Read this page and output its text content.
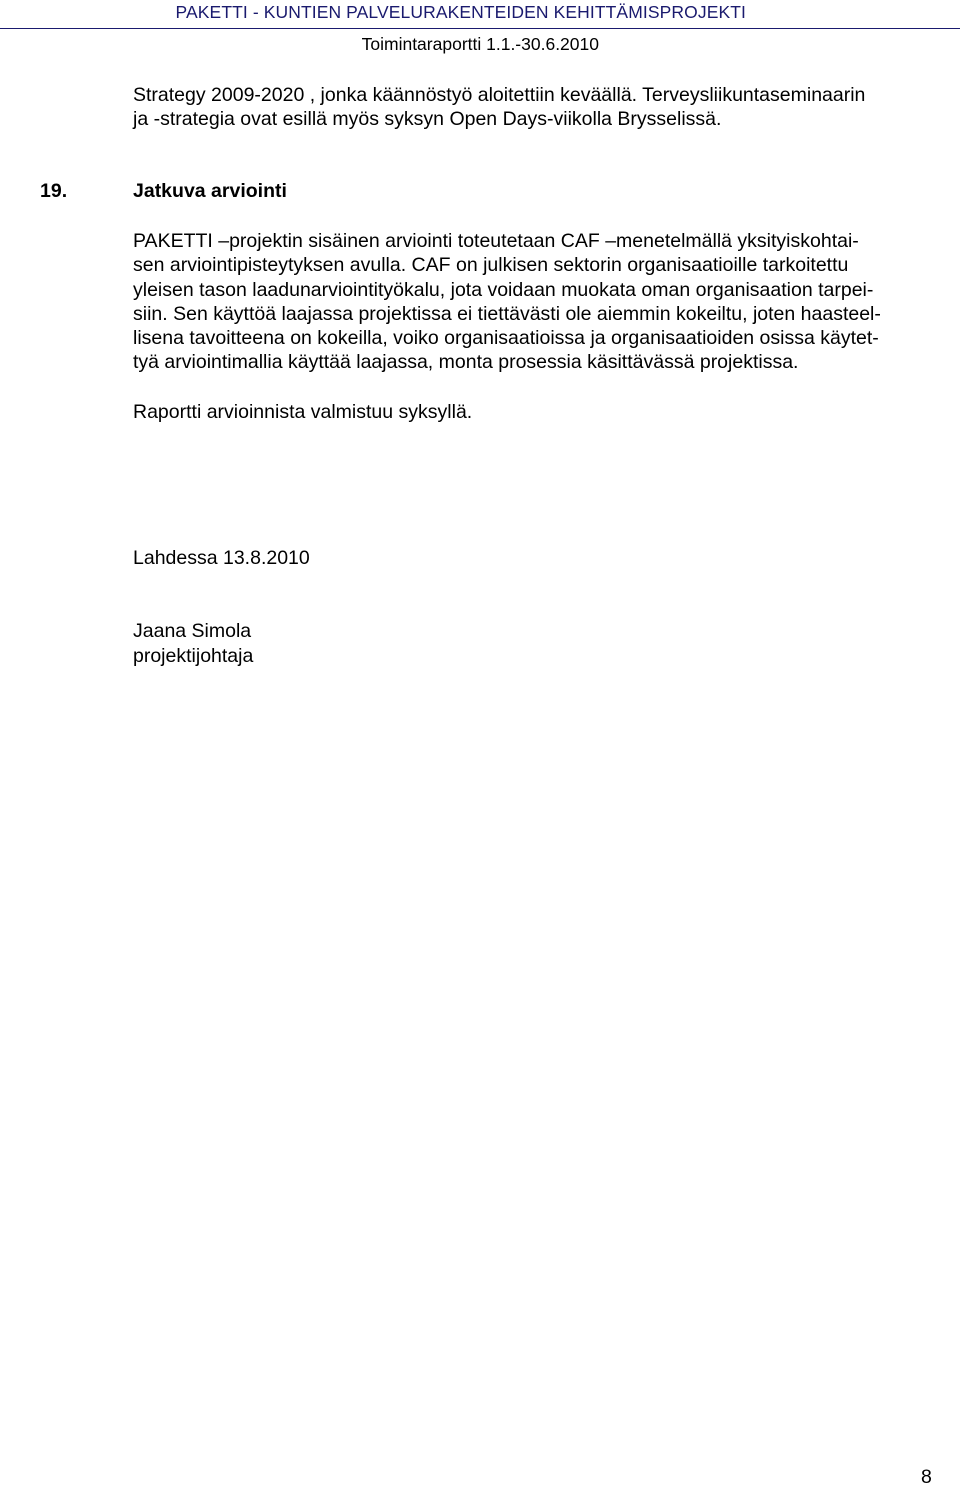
PAKETTI - KUNTIEN PALVELURAKENTEIDEN KEHITTÄMISPROJEKTI
Toimintaraportti 1.1.-30.6.2010
Strategy 2009-2020 , jonka käännöstyö aloitettiin keväällä. Terveysliikuntaseminaarin
ja -strategia ovat esillä myös syksyn Open Days-viikolla Brysselissä.
19.	Jatkuva arviointi
PAKETTI –projektin sisäinen arviointi toteutetaan CAF –menetelmällä yksityiskohtai-
sen arviointipisteytyksen avulla. CAF on julkisen sektorin organisaatioille tarkoitettu
yleisen tason laadunarviointityökalu, jota voidaan muokata oman organisaation tarpei-
siin. Sen käyttöä laajassa projektissa ei tiettävästi ole aiemmin kokeiltu, joten haasteel-
lisena tavoitteena on kokeilla, voiko organisaatioissa ja organisaatioiden osissa käytet-
tyä arviointimallia käyttää laajassa, monta prosessia käsittävässä projektissa.
Raportti arvioinnista valmistuu syksyllä.
Lahdessa 13.8.2010
Jaana Simola
projektijohtaja
8
